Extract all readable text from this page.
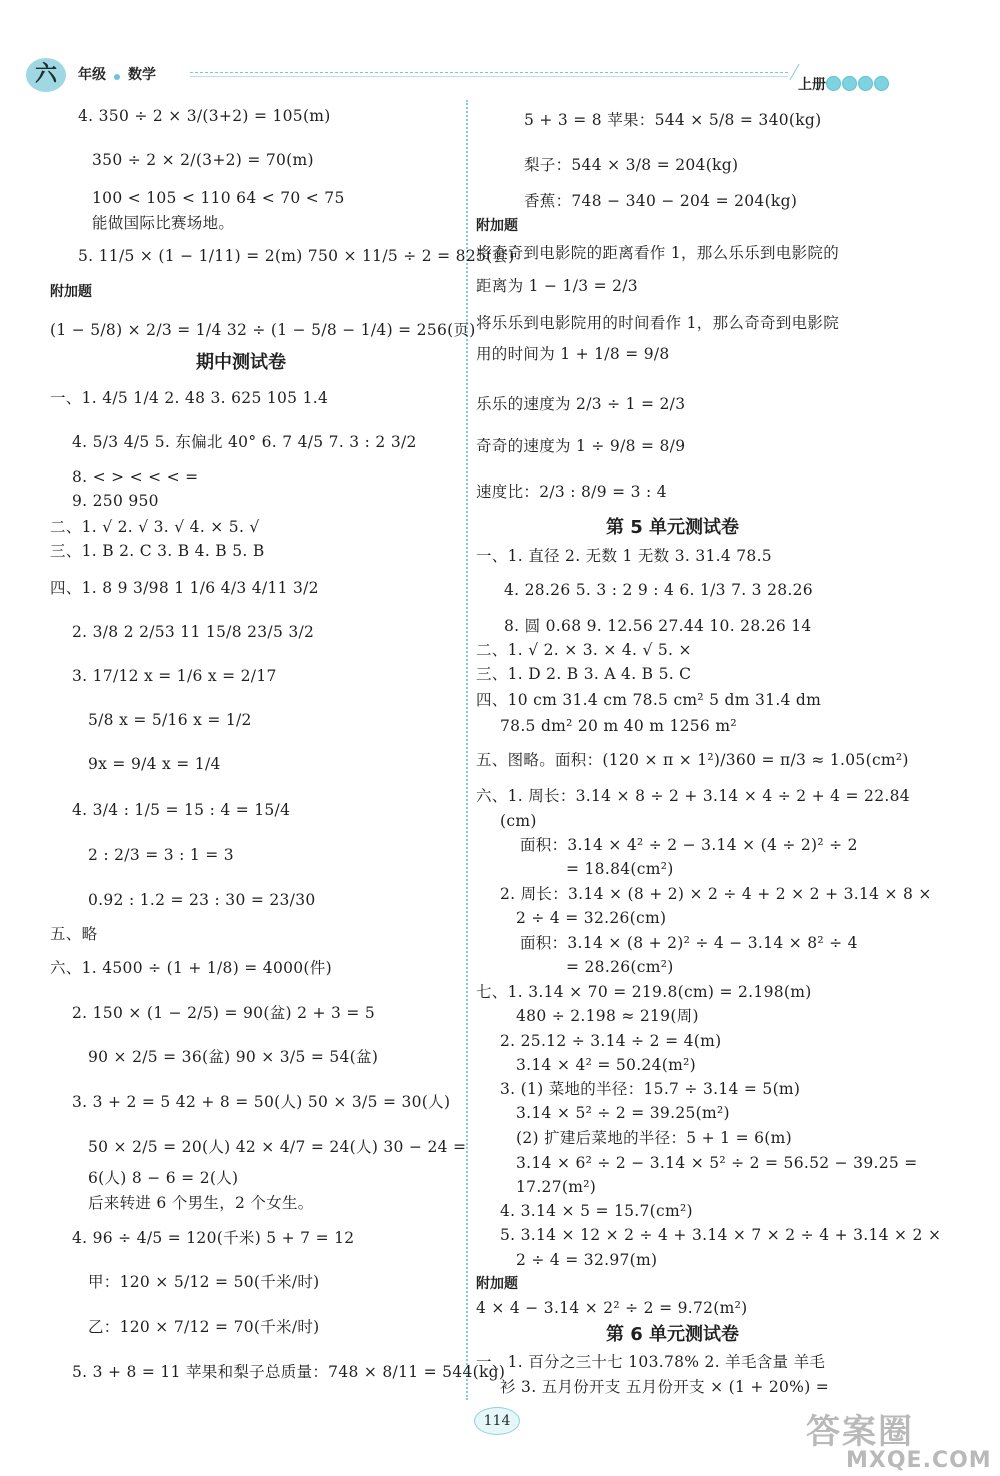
六	年级 数学
上册
4. 350 ÷ 2 × 3/(3+2) = 105(m)
350 ÷ 2 × 2/(3+2) = 70(m)
100 < 105 < 110 64 < 70 < 75
能做国际比赛场地。
5. 11/5 × (1 − 1/11) = 2(m) 750 × 11/5 ÷ 2 = 825(套)
附加题
(1 − 5/8) × 2/3 = 1/4 32 ÷ (1 − 5/8 − 1/4) = 256(页)
期中测试卷
一、1. 4/5 1/4 2. 48 3. 625 105 1.4
4. 5/3 4/5 5. 东偏北 40° 6. 7 4/5 7. 3 : 2 3/2
8. < > < < < =
9. 250 950
二、1. √ 2. √ 3. √ 4. × 5. √
三、1. B 2. C 3. B 4. B 5. B
四、1. 8 9 3/98 1 1/6 4/3 4/11 3/2
2. 3/8 2 2/53 11 15/8 23/5 3/2
3. 17/12 x = 1/6 x = 2/17
5/8 x = 5/16 x = 1/2
9x = 9/4 x = 1/4
4. 3/4 : 1/5 = 15 : 4 = 15/4
2 : 2/3 = 3 : 1 = 3
0.92 : 1.2 = 23 : 30 = 23/30
五、略
六、1. 4500 ÷ (1 + 1/8) = 4000(件)
2. 150 × (1 − 2/5) = 90(盆) 2 + 3 = 5
90 × 2/5 = 36(盆) 90 × 3/5 = 54(盆)
3. 3 + 2 = 5 42 + 8 = 50(人) 50 × 3/5 = 30(人)
50 × 2/5 = 20(人) 42 × 4/7 = 24(人) 30 − 24 =
6(人) 8 − 6 = 2(人)
后来转进 6 个男生，2 个女生。
4. 96 ÷ 4/5 = 120(千米) 5 + 7 = 12
甲：120 × 5/12 = 50(千米/时)
乙：120 × 7/12 = 70(千米/时)
5. 3 + 8 = 11 苹果和梨子总质量：748 × 8/11 = 544(kg)
5 + 3 = 8 苹果：544 × 5/8 = 340(kg)
梨子：544 × 3/8 = 204(kg)
香蕉：748 − 340 − 204 = 204(kg)
附加题
将奇奇到电影院的距离看作 1，那么乐乐到电影院的
距离为 1 − 1/3 = 2/3
将乐乐到电影院用的时间看作 1，那么奇奇到电影院
用的时间为 1 + 1/8 = 9/8
乐乐的速度为 2/3 ÷ 1 = 2/3
奇奇的速度为 1 ÷ 9/8 = 8/9
速度比：2/3 : 8/9 = 3 : 4
第 5 单元测试卷
一、1. 直径 2. 无数 1 无数 3. 31.4 78.5
4. 28.26 5. 3 : 2 9 : 4 6. 1/3 7. 3 28.26
8. 圆 0.68 9. 12.56 27.44 10. 28.26 14
二、1. √ 2. × 3. × 4. √ 5. ×
三、1. D 2. B 3. A 4. B 5. C
四、10 cm 31.4 cm 78.5 cm² 5 dm 31.4 dm
78.5 dm² 20 m 40 m 1256 m²
五、图略。面积：(120 × π × 1²)/360 = π/3 ≈ 1.05(cm²)
六、1. 周长：3.14 × 8 ÷ 2 + 3.14 × 4 ÷ 2 + 4 = 22.84
(cm)
面积：3.14 × 4² ÷ 2 − 3.14 × (4 ÷ 2)² ÷ 2
= 18.84(cm²)
2. 周长：3.14 × (8 + 2) × 2 ÷ 4 + 2 × 2 + 3.14 × 8 ×
2 ÷ 4 = 32.26(cm)
面积：3.14 × (8 + 2)² ÷ 4 − 3.14 × 8² ÷ 4
= 28.26(cm²)
七、1. 3.14 × 70 = 219.8(cm) = 2.198(m)
480 ÷ 2.198 ≈ 219(周)
2. 25.12 ÷ 3.14 ÷ 2 = 4(m)
3.14 × 4² = 50.24(m²)
3. (1) 菜地的半径：15.7 ÷ 3.14 = 5(m)
3.14 × 5² ÷ 2 = 39.25(m²)
(2) 扩建后菜地的半径：5 + 1 = 6(m)
3.14 × 6² ÷ 2 − 3.14 × 5² ÷ 2 = 56.52 − 39.25 =
17.27(m²)
4. 3.14 × 5 = 15.7(cm²)
5. 3.14 × 12 × 2 ÷ 4 + 3.14 × 7 × 2 ÷ 4 + 3.14 × 2 ×
2 ÷ 4 = 32.97(m)
附加题
4 × 4 − 3.14 × 2² ÷ 2 = 9.72(m²)
第 6 单元测试卷
一、1. 百分之三十七 103.78% 2. 羊毛含量 羊毛
衫 3. 五月份开支 五月份开支 × (1 + 20%) =
114	答案圈
MXQE.COM
